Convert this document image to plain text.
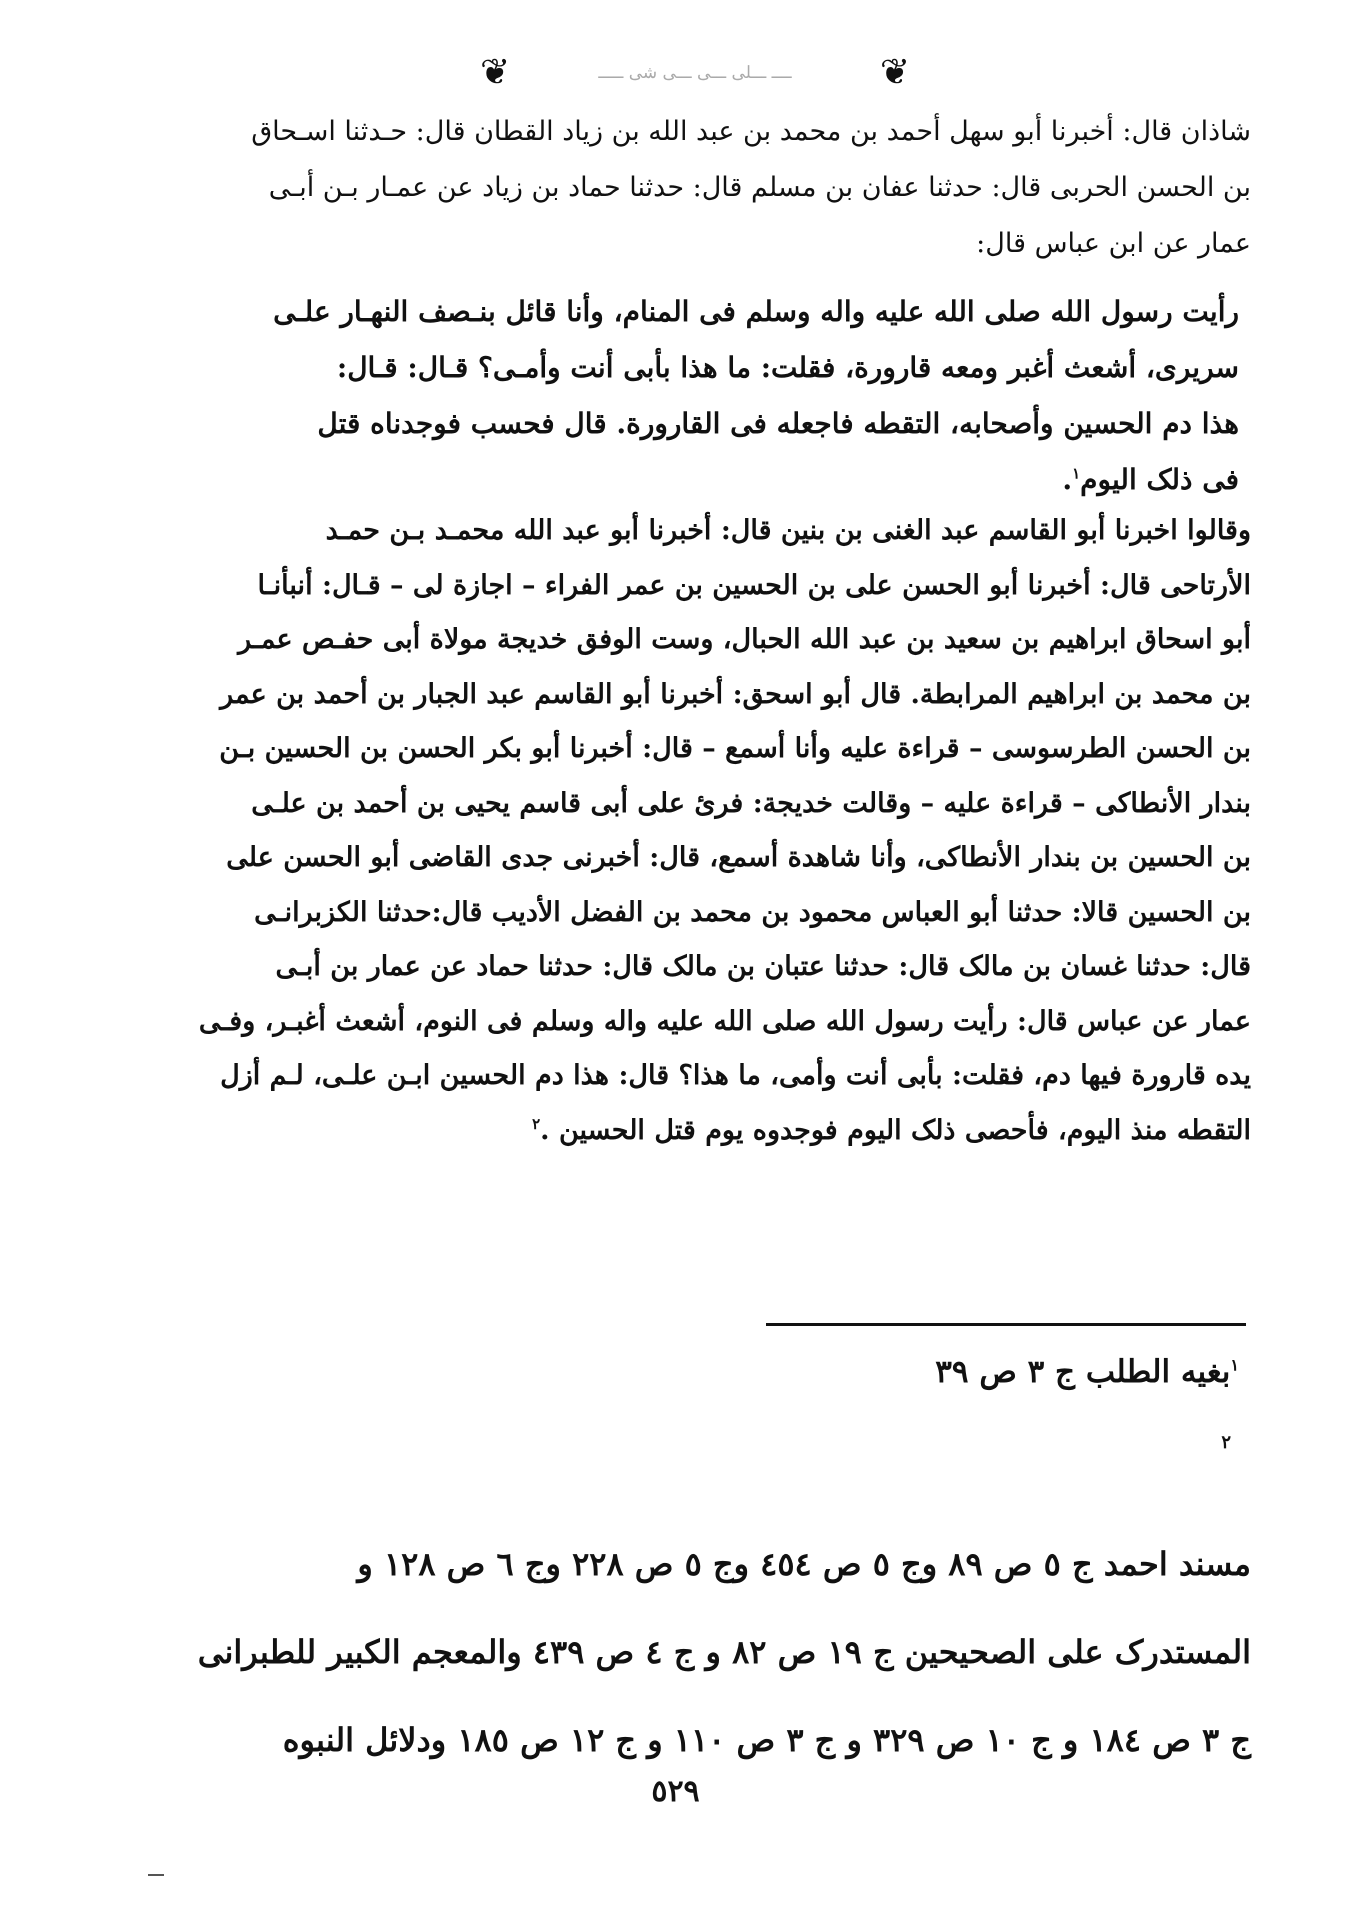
❦	ــــ ـــلى ـــى ـــى شى ـــــ ❦

شاذان قال: أخبرنا أبو سهل أحمد بن محمد بن عبد الله بن زياد القطان قال: حـدثنا اسـحاق

بن الحسن الحربى قال: حدثنا عفان بن مسلم قال: حدثنا حماد بن زياد عن عمـار بـن أبـى

عمار عن ابن عباس قال:

رأيت رسول الله صلى الله عليه واله وسلم فى المنام، وأنا قائل بنـصف النهـار علـى

سريرى، أشعث أغبر ومعه قارورة، فقلت: ما هذا بأبى أنت وأمـى؟ قـال: قـال:

هذا دم الحسين وأصحابه، التقطه فاجعله فى القارورة. قال فحسب فوجدناه قتل

فى ذلک اليوم$^١$.

وقالوا اخبرنا أبو القاسم عبد الغنى بن بنين قال: أخبرنا أبو عبد الله محمـد بـن حمـد

الأرتاحى قال: أخبرنا أبو الحسن على بن الحسين بن عمر الفراء – اجازة لى – قـال: أنبأنـا

أبو اسحاق ابراهيم بن سعيد بن عبد الله الحبال، وست الوفق خديجة مولاة أبى حفـص عمـر

بن محمد بن ابراهيم المرابطة. قال أبو اسحق: أخبرنا أبو القاسم عبد الجبار بن أحمد بن عمر

بن الحسن الطرسوسى – قراءة عليه وأنا أسمع – قال: أخبرنا أبو بكر الحسن بن الحسين بـن

بندار الأنطاكى – قراءة عليه – وقالت خديجة: فرئ على أبى قاسم يحيى بن أحمد بن علـى

بن الحسين بن بندار الأنطاكى، وأنا شاهدة أسمع، قال: أخبرنى جدى القاضى أبو الحسن على

بن الحسين قالا: حدثنا أبو العباس محمود بن محمد بن الفضل الأديب قال:حدثنا الكزبرانـى

قال: حدثنا غسان بن مالک قال: حدثنا عتبان بن مالک قال: حدثنا حماد عن عمار بن أبـى

عمار عن عباس قال: رأيت رسول الله صلى الله عليه واله وسلم فى النوم، أشعث أغبـر، وفـى

يده قارورة فيها دم، فقلت: بأبى أنت وأمى، ما هذا؟ قال: هذا دم الحسين ابـن علـى، لـم أزل

التقطه منذ اليوم، فأحصى ذلک اليوم فوجدوه يوم قتل الحسين .$^٢$

$^١$بغيه الطلب ج ٣ ص ٣٩
٢

مسند احمد ج ٥ ص ٨٩ وج ٥ ص ٤٥٤ وج ٥ ص ٢٢٨ وج ٦ ص ١٢٨ و

المستدرک على الصحيحين ج ١٩ ص ٨٢ و ج ٤ ص ٤٣٩ والمعجم الكبير للطبرانى

ج ٣ ص ١٨٤ و ج ١٠ ص ٣٢٩ و ج ٣ ص ١١٠ و ج ١٢ ص ١٨٥ ودلائل النبوه

٥٢٩
